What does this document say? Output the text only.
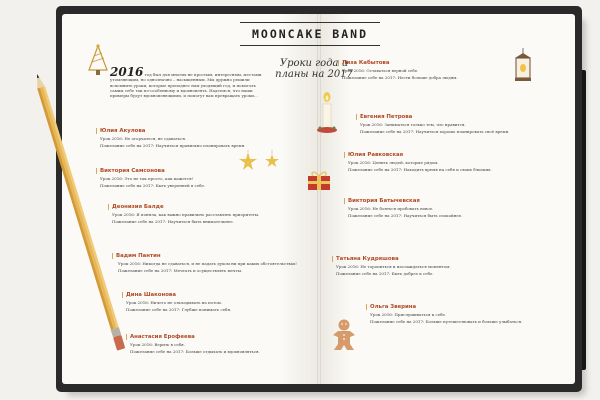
MOONCAKE BAND
Уроки года и планы на 2017
2016 год был для многих не простым, интересным, местами утомляющим, но однозначно – насыщенным. Мы дружно решили вспомнить уроки, которые преподнес нам уходящий год, и помогать самим себе так по-особенному и вдохновлять. Надеемся, что наши примеры будут вдохновляющими, и помогут вам превращать уроки...
Юлия Акулова
Урок 2016: Не огорчаться, не сдаваться.
Пожелание себе на 2017: Научиться правильно планировать время.
Виктория Самсонова
Урок 2016: Это не так просто, как кажется!
Пожелание себе на 2017: Быть уверенней в себе.
Деонизия Балде
Урок 2016: Я поняла, как важно правильно расставлять приоритеты.
Пожелание себе на 2017: Научиться быть внимательнее.
Вадим Пантин
Урок 2016: Никогда не сдаваться, и не падать духом ни при каких обстоятельствах!
Пожелание себе на 2017: Мечтать и осуществлять мечты.
Дина Шаконова
Урок 2016: Ничего не откладывать на потом.
Пожелание себе на 2017: Глубже понимать себя.
Анастасия Ерофеева
Урок 2016: Верить в себя.
Пожелание себе на 2017: Больше отдыхать и вдохновляться.
Лиза Кабытова
Урок 2016: Оставаться верной себе.
Пожелание себе на 2017: Нести больше добра людям.
Евгения Петрова
Урок 2016: Заниматься только тем, что нравится.
Пожелание себе на 2017: Научиться хорошо планировать своё время.
Юлия Равковская
Урок 2016: Ценить людей, которые рядом.
Пожелание себе на 2017: Находить время на себя и своих близких.
Виктория Батычевская
Урок 2016: Не бояться пробовать новое.
Пожелание себе на 2017: Научиться быть спокойнее.
Татьяна Кудряшова
Урок 2016: Не торопиться и наслаждаться моментом.
Пожелание себе на 2017: Быть добрее к себе.
Ольга Зверина
Урок 2016: Прислушиваться к себе.
Пожелание себе на 2017: Больше путешествовать и больше улыбаться.
